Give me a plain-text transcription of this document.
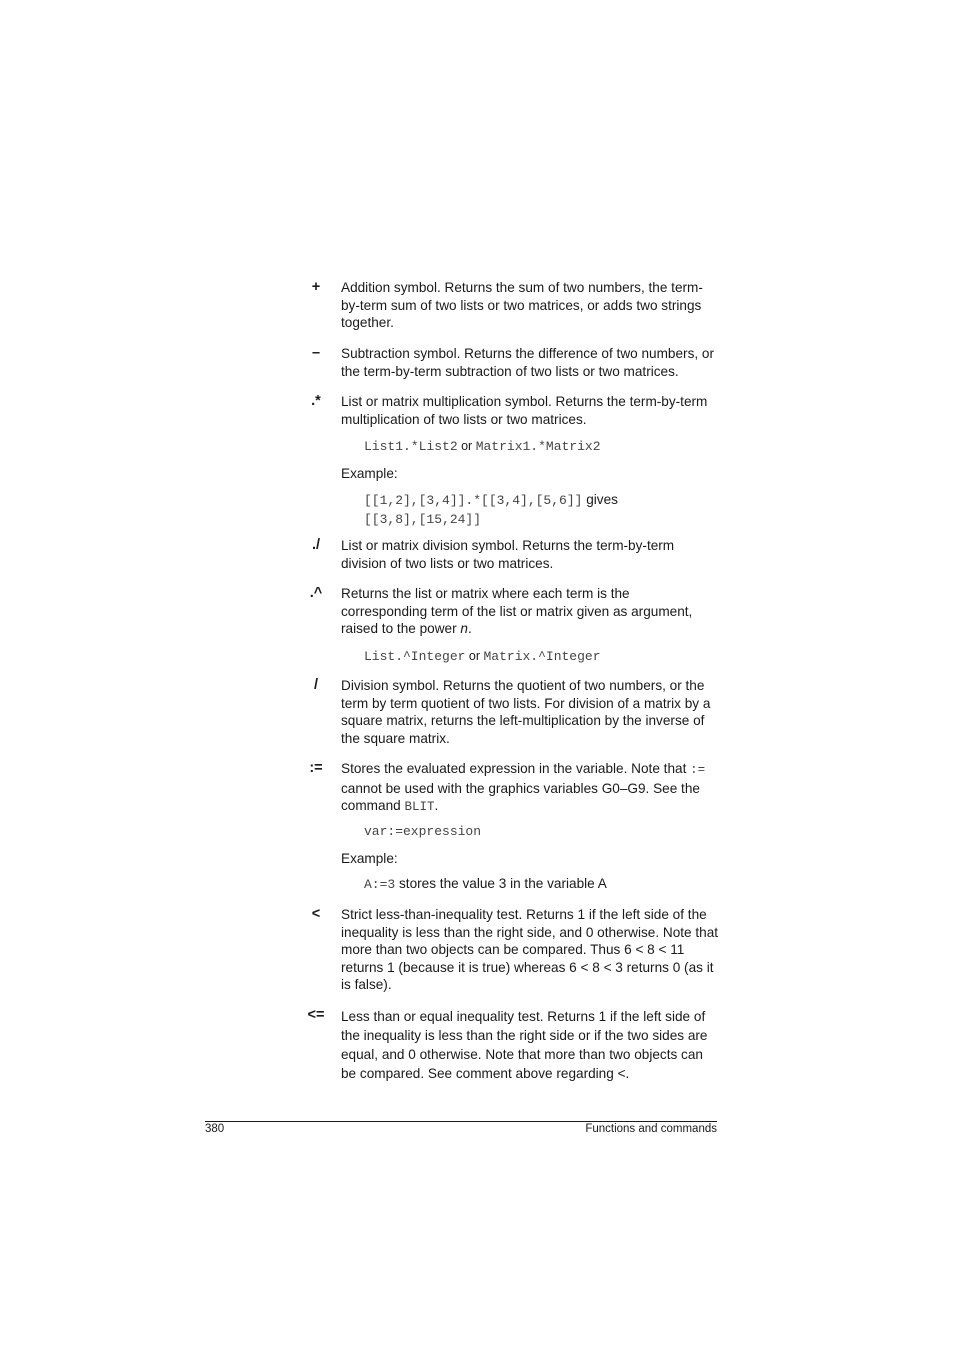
+	Addition symbol. Returns the sum of two numbers, the term-by-term sum of two lists or two matrices, or adds two strings together.

–	Subtraction symbol. Returns the difference of two numbers, or the term-by-term subtraction of two lists or two matrices.

.*	List or matrix multiplication symbol. Returns the term-by-term multiplication of two lists or two matrices.

List1.*List2 or Matrix1.*Matrix2
Example:
[[1,2],[3,4]].*[[3,4],[5,6]] gives
[[3,8],[15,24]]
./	List or matrix division symbol. Returns the term-by-term division of two lists or two matrices.

.^	Returns the list or matrix where each term is the corresponding term of the list or matrix given as argument, raised to the power n.

List.^Integer or Matrix.^Integer
/	Division symbol. Returns the quotient of two numbers, or the term by term quotient of two lists. For division of a matrix by a square matrix, returns the left-multiplication by the inverse of the square matrix.

:=	Stores the evaluated expression in the variable. Note that := cannot be used with the graphics variables G0–G9. See the command BLIT.

var:=expression
Example:
A:=3 stores the value 3 in the variable A
<	Strict less-than-inequality test. Returns 1 if the left side of the inequality is less than the right side, and 0 otherwise. Note that more than two objects can be compared. Thus 6 < 8 < 11 returns 1 (because it is true) whereas 6 < 8 < 3 returns 0 (as it is false).

<=	Less than or equal inequality test. Returns 1 if the left side of the inequality is less than the right side or if the two sides are equal, and 0 otherwise. Note that more than two objects can be compared. See comment above regarding <.

380	Functions and commands
